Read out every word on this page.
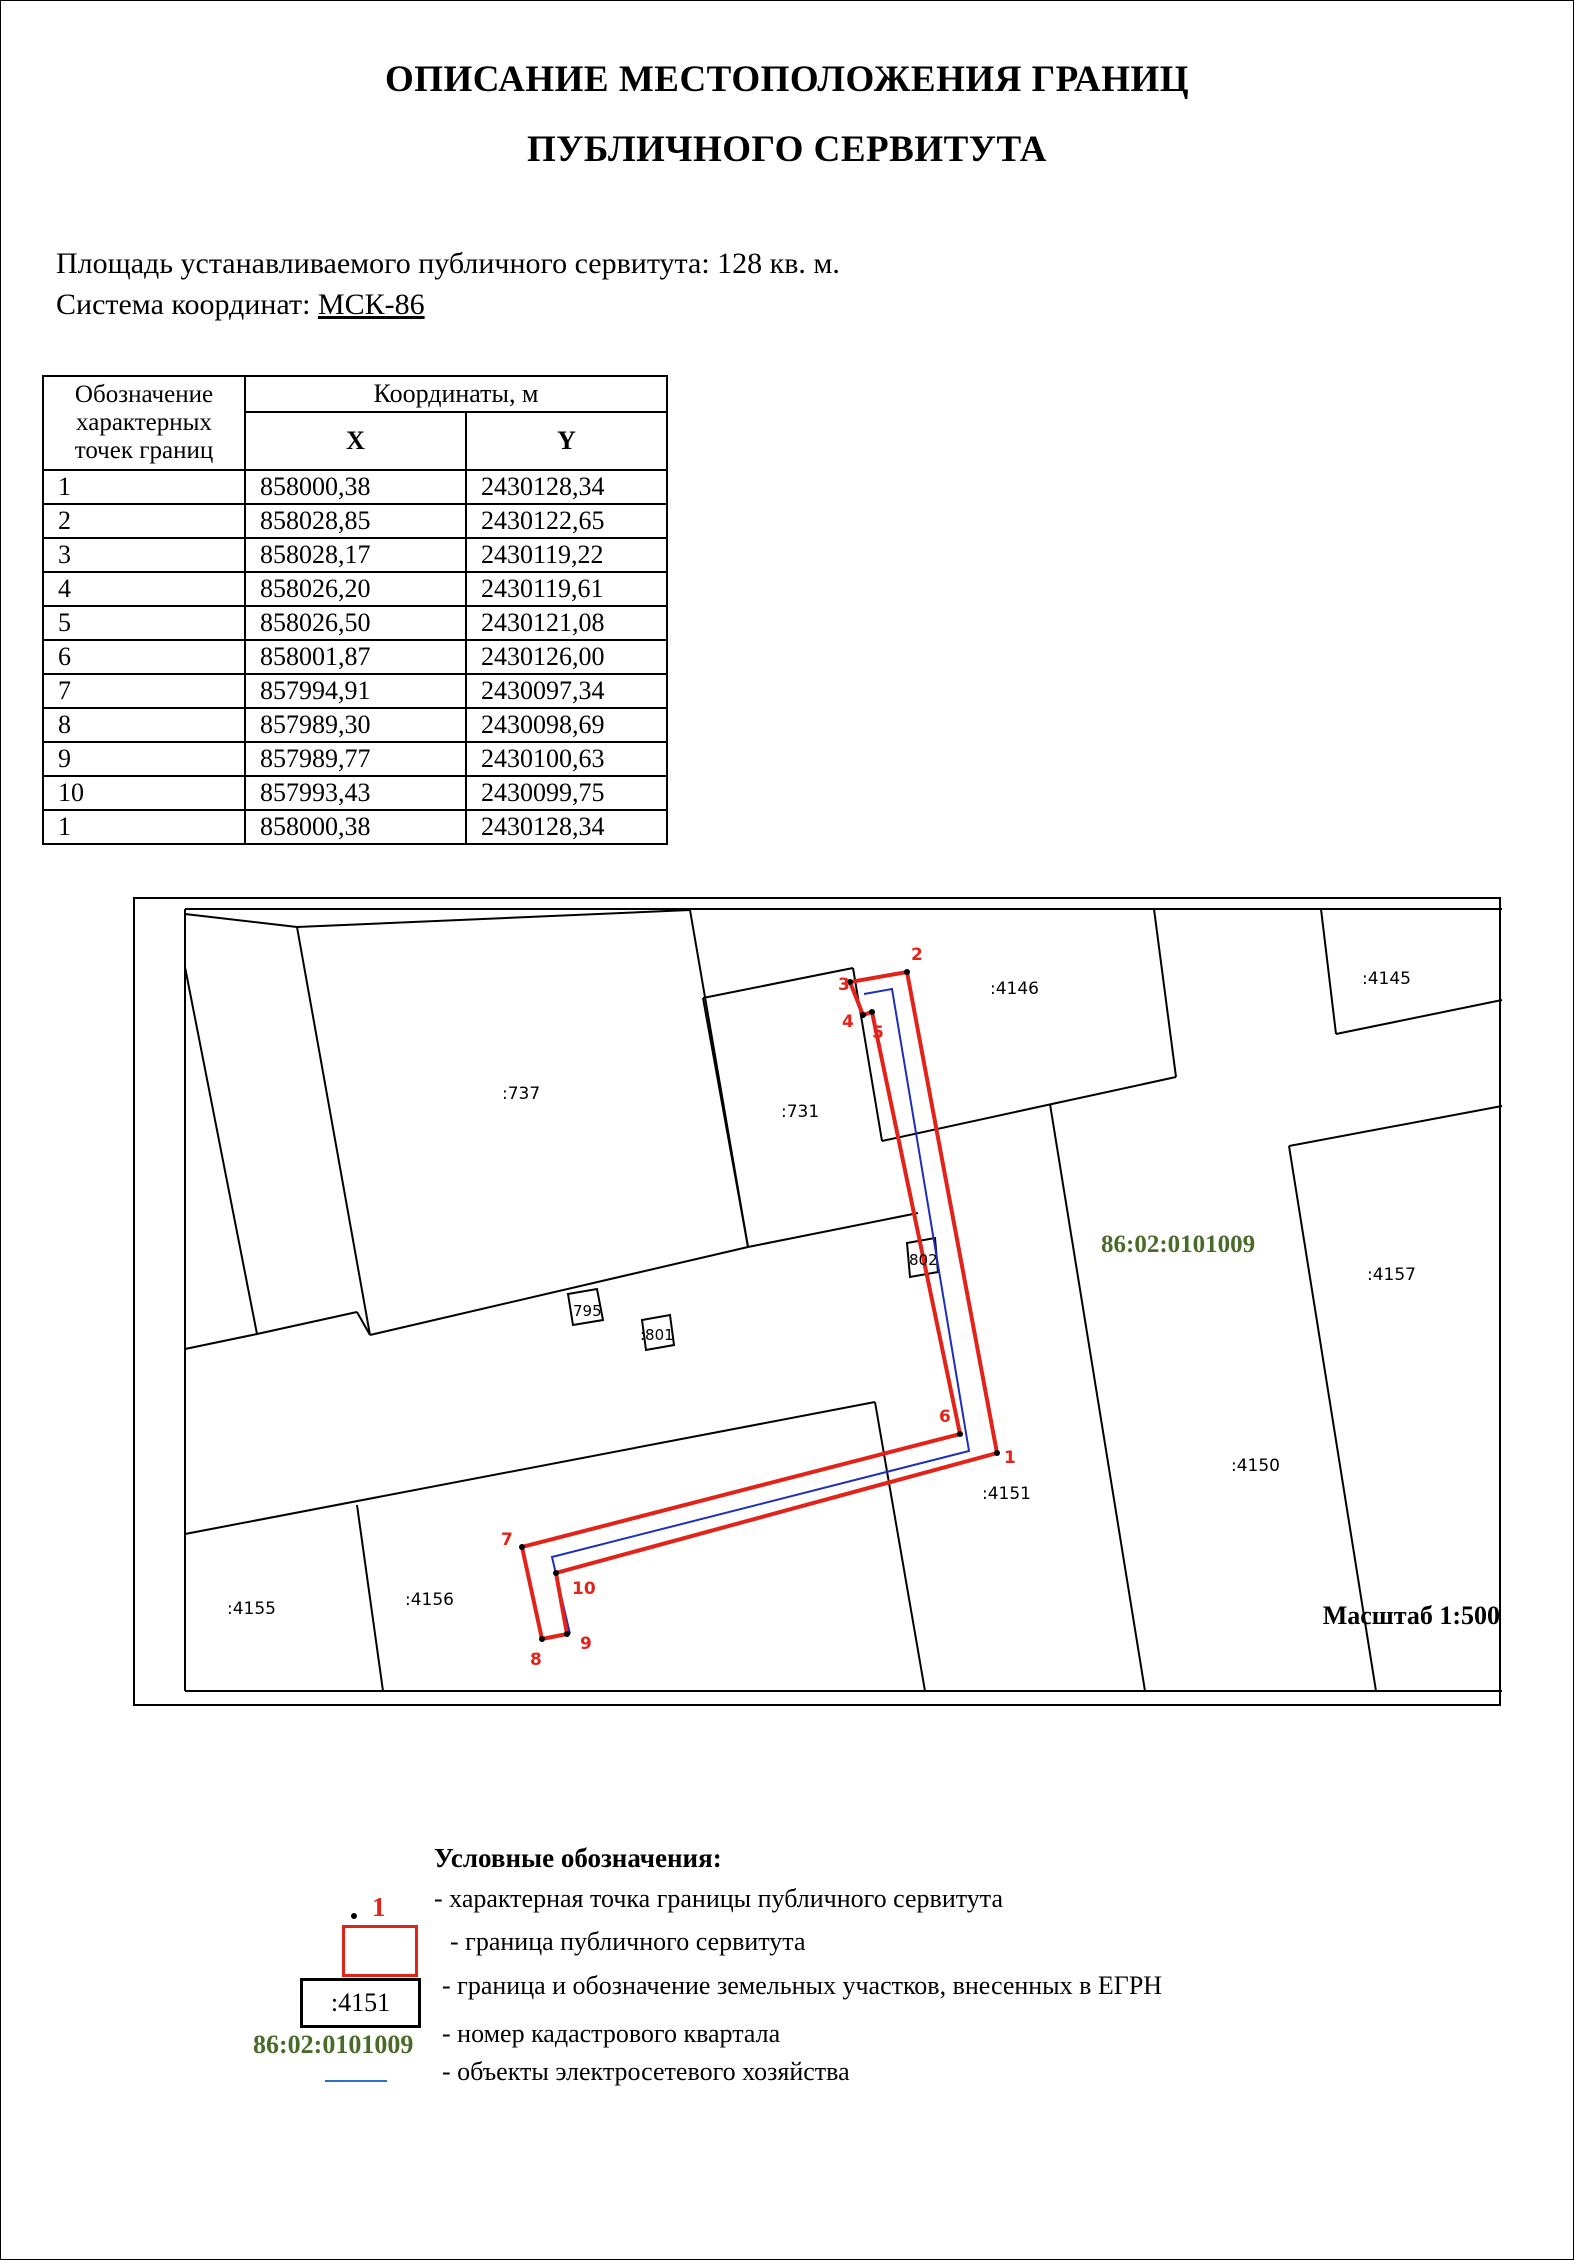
ОПИСАНИЕ МЕСТОПОЛОЖЕНИЯ ГРАНИЦ
ПУБЛИЧНОГО СЕРВИТУТА
Площадь устанавливаемого публичного сервитута: 128 кв. м.
Система координат: МСК-86
Обозначение характерных точек границ	Координаты, м	
	X	Y
1	858000,38	2430128,34
2	858028,85	2430122,65
3	858028,17	2430119,22
4	858026,20	2430119,61
5	858026,50	2430121,08
6	858001,87	2430126,00
7	857994,91	2430097,34
8	857989,30	2430098,69
9	857989,77	2430100,63
10	857993,43	2430099,75
1	858000,38	2430128,34
1
2
3
4
5
6
7
8
9
10
:4146	:4145
:737
:731
:4157
:4151
:4150
:4155	:4156
802
795
:801
86:02:0101009
Масштаб 1:500
Условные обозначения:
1
:4151
86:02:0101009
- характерная точка границы публичного сервитута
- граница публичного сервитута
- граница и обозначение земельных участков, внесенных в ЕГРН
- номер кадастрового квартала
- объекты электросетевого хозяйства
